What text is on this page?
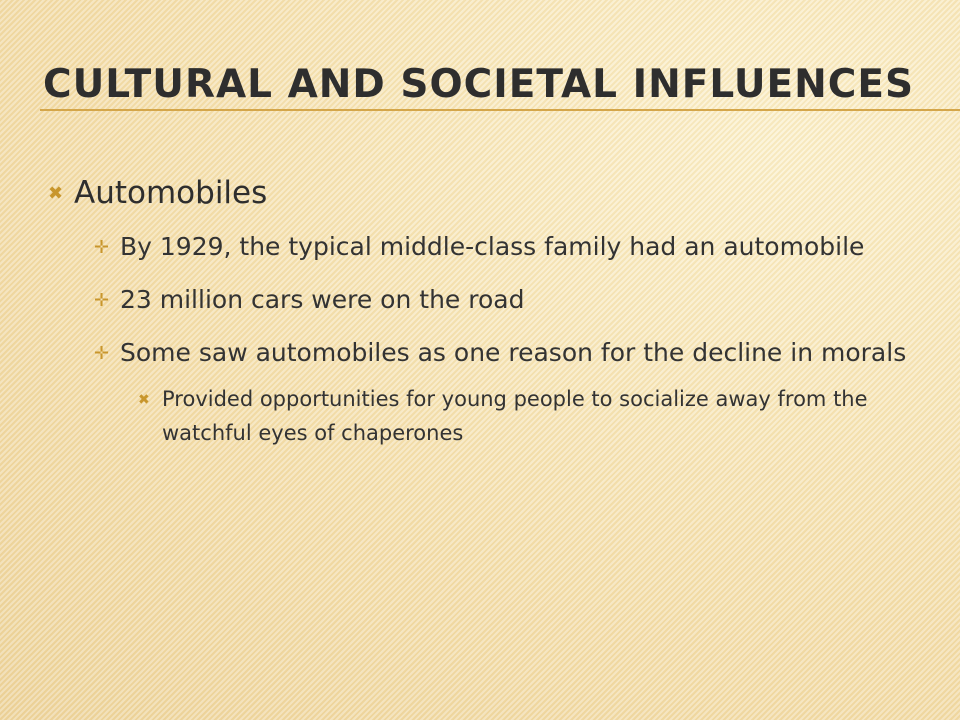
CULTURAL AND SOCIETAL INFLUENCES
✖ Automobiles
✛ By 1929, the typical middle-class family had an automobile
✛ 23 million cars were on the road
✛ Some saw automobiles as one reason for the decline in morals
✖ Provided opportunities for young people to socialize away from the watchful eyes of chaperones
